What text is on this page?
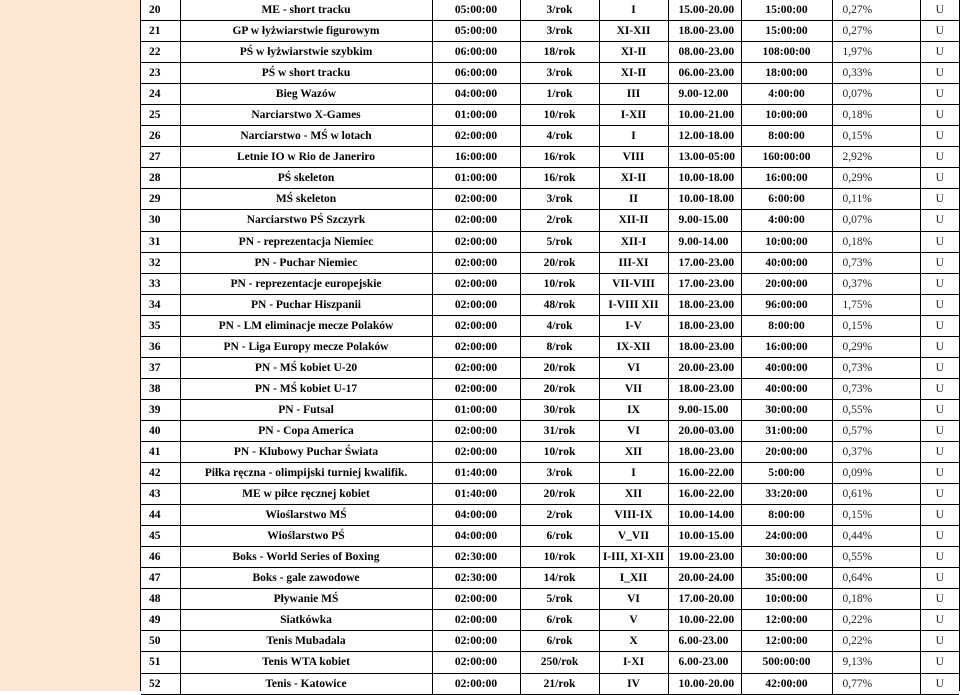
20	ME - short tracku	05:00:00	3/rok	I	15.00-20.00	15:00:00	0,27%	U
21	GP w łyżwiarstwie figurowym	05:00:00	3/rok	XI-XII	18.00-23.00	15:00:00	0,27%	U
22	PŚ w łyżwiarstwie szybkim	06:00:00	18/rok	XI-II	08.00-23.00	108:00:00	1,97%	U
23	PŚ w short tracku	06:00:00	3/rok	XI-II	06.00-23.00	18:00:00	0,33%	U
24	Bieg Wazów	04:00:00	1/rok	III	9.00-12.00	4:00:00	0,07%	U
25	Narciarstwo X-Games	01:00:00	10/rok	I-XII	10.00-21.00	10:00:00	0,18%	U
26	Narciarstwo - MŚ w lotach	02:00:00	4/rok	I	12.00-18.00	8:00:00	0,15%	U
27	Letnie IO w Rio de Janeriro	16:00:00	16/rok	VIII	13.00-05:00	160:00:00	2,92%	U
28	PŚ skeleton	01:00:00	16/rok	XI-II	10.00-18.00	16:00:00	0,29%	U
29	MŚ skeleton	02:00:00	3/rok	II	10.00-18.00	6:00:00	0,11%	U
30	Narciarstwo PŚ Szczyrk	02:00:00	2/rok	XII-II	9.00-15.00	4:00:00	0,07%	U
31	PN - reprezentacja Niemiec	02:00:00	5/rok	XII-I	9.00-14.00	10:00:00	0,18%	U
32	PN - Puchar Niemiec	02:00:00	20/rok	III-XI	17.00-23.00	40:00:00	0,73%	U
33	PN - reprezentacje europejskie	02:00:00	10/rok	VII-VIII	17.00-23.00	20:00:00	0,37%	U
34	PN - Puchar Hiszpanii	02:00:00	48/rok	I-VIII XII	18.00-23.00	96:00:00	1,75%	U
35	PN - LM eliminacje mecze Polaków	02:00:00	4/rok	I-V	18.00-23.00	8:00:00	0,15%	U
36	PN - Liga Europy mecze Polaków	02:00:00	8/rok	IX-XII	18.00-23.00	16:00:00	0,29%	U
37	PN - MŚ kobiet U-20	02:00:00	20/rok	VI	20.00-23.00	40:00:00	0,73%	U
38	PN - MŚ kobiet U-17	02:00:00	20/rok	VII	18.00-23.00	40:00:00	0,73%	U
39	PN - Futsal	01:00:00	30/rok	IX	9.00-15.00	30:00:00	0,55%	U
40	PN - Copa America	02:00:00	31/rok	VI	20.00-03.00	31:00:00	0,57%	U
41	PN - Klubowy Puchar Świata	02:00:00	10/rok	XII	18.00-23.00	20:00:00	0,37%	U
42	Piłka ręczna - olimpijski turniej kwalifik.	01:40:00	3/rok	I	16.00-22.00	5:00:00	0,09%	U
43	ME w piłce ręcznej kobiet	01:40:00	20/rok	XII	16.00-22.00	33:20:00	0,61%	U
44	Wioślarstwo MŚ	04:00:00	2/rok	VIII-IX	10.00-14.00	8:00:00	0,15%	U
45	Wioślarstwo PŚ	04:00:00	6/rok	V_VII	10.00-15.00	24:00:00	0,44%	U
46	Boks - World Series of Boxing	02:30:00	10/rok	I-III, XI-XII	19.00-23.00	30:00:00	0,55%	U
47	Boks - gale zawodowe	02:30:00	14/rok	I_XII	20.00-24.00	35:00:00	0,64%	U
48	Pływanie MŚ	02:00:00	5/rok	VI	17.00-20.00	10:00:00	0,18%	U
49	Siatkówka	02:00:00	6/rok	V	10.00-22.00	12:00:00	0,22%	U
50	Tenis Mubadala	02:00:00	6/rok	X	6.00-23.00	12:00:00	0,22%	U
51	Tenis WTA kobiet	02:00:00	250/rok	I-XI	6.00-23.00	500:00:00	9,13%	U
52	Tenis - Katowice	02:00:00	21/rok	IV	10.00-20.00	42:00:00	0,77%	U
